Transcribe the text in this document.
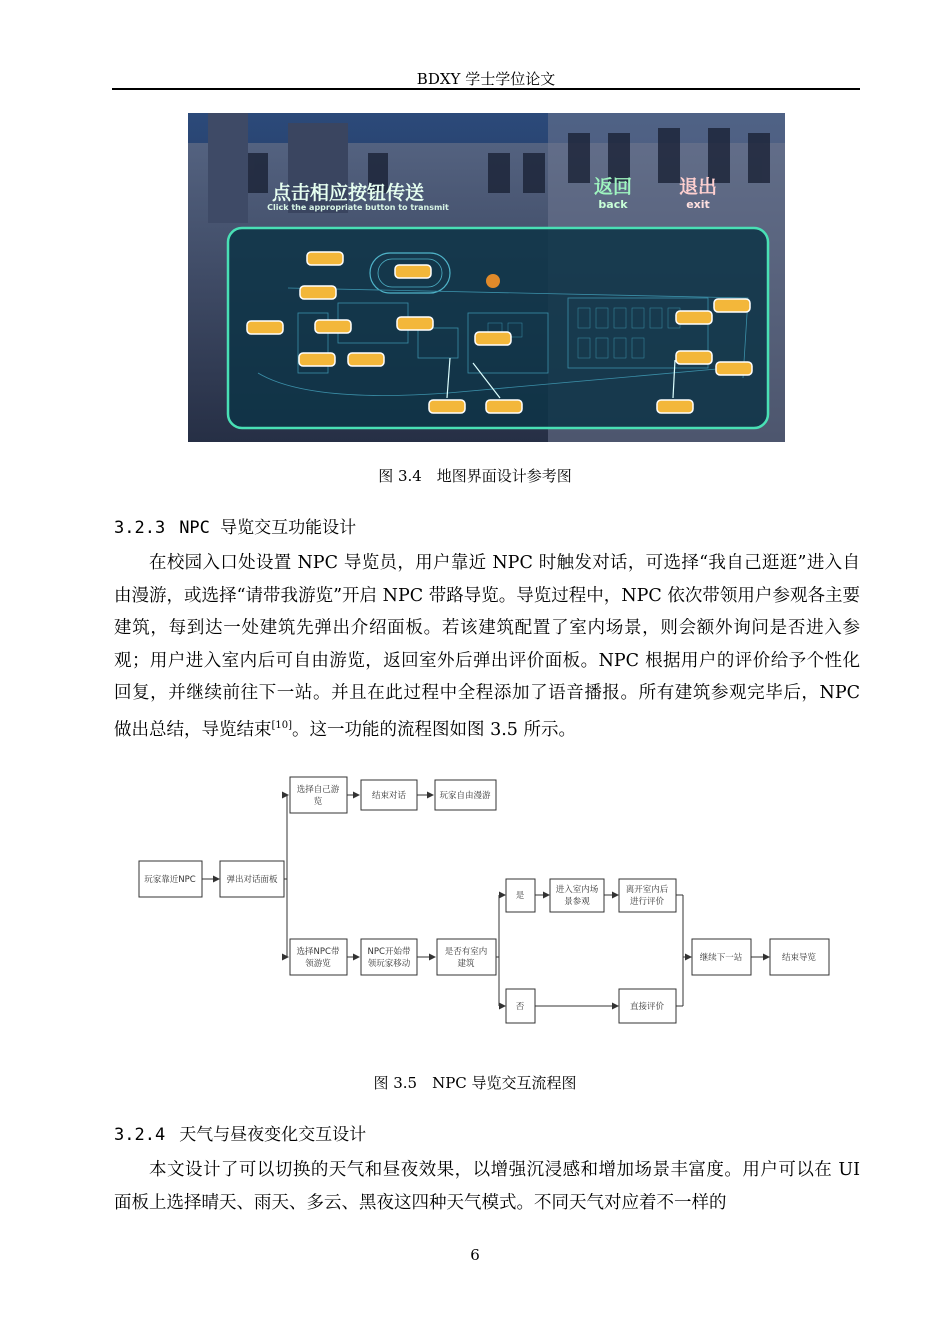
BDXY 学士学位论文
点击相应按钮传送
Click the appropriate button to transmit
返回
back
退出
exit
图 3.4　地图界面设计参考图
3.2.3 NPC 导览交互功能设计

在校园入口处设置 NPC 导览员，用户靠近 NPC 时触发对话，可选择“我自己逛逛”进入自由漫游，或选择“请带我游览”开启 NPC 带路导览。导览过程中，NPC 依次带领用户参观各主要建筑，每到达一处建筑先弹出介绍面板。若该建筑配置了室内场景，则会额外询问是否进入参观；用户进入室内后可自由游览，返回室外后弹出评价面板。NPC 根据用户的评价给予个性化回复，并继续前往下一站。并且在此过程中全程添加了语音播报。所有建筑参观完毕后，NPC 做出总结，导览结束[10]。这一功能的流程图如图 3.5 所示。

玩家靠近NPC	弹出对话面板
选择自己游
览
结束对话	玩家自由漫游
选择NPC带
领游览
NPC开始带
领玩家移动
是否有室内
建筑
是
否
进入室内场
景参观
离开室内后
进行评价
直接评价
继续下一站	结束导览
图 3.5　NPC 导览交互流程图
3.2.4 天气与昼夜变化交互设计

本文设计了可以切换的天气和昼夜效果，以增强沉浸感和增加场景丰富度。用户可以在 UI 面板上选择晴天、雨天、多云、黑夜这四种天气模式。不同天气对应着不一样的

6
